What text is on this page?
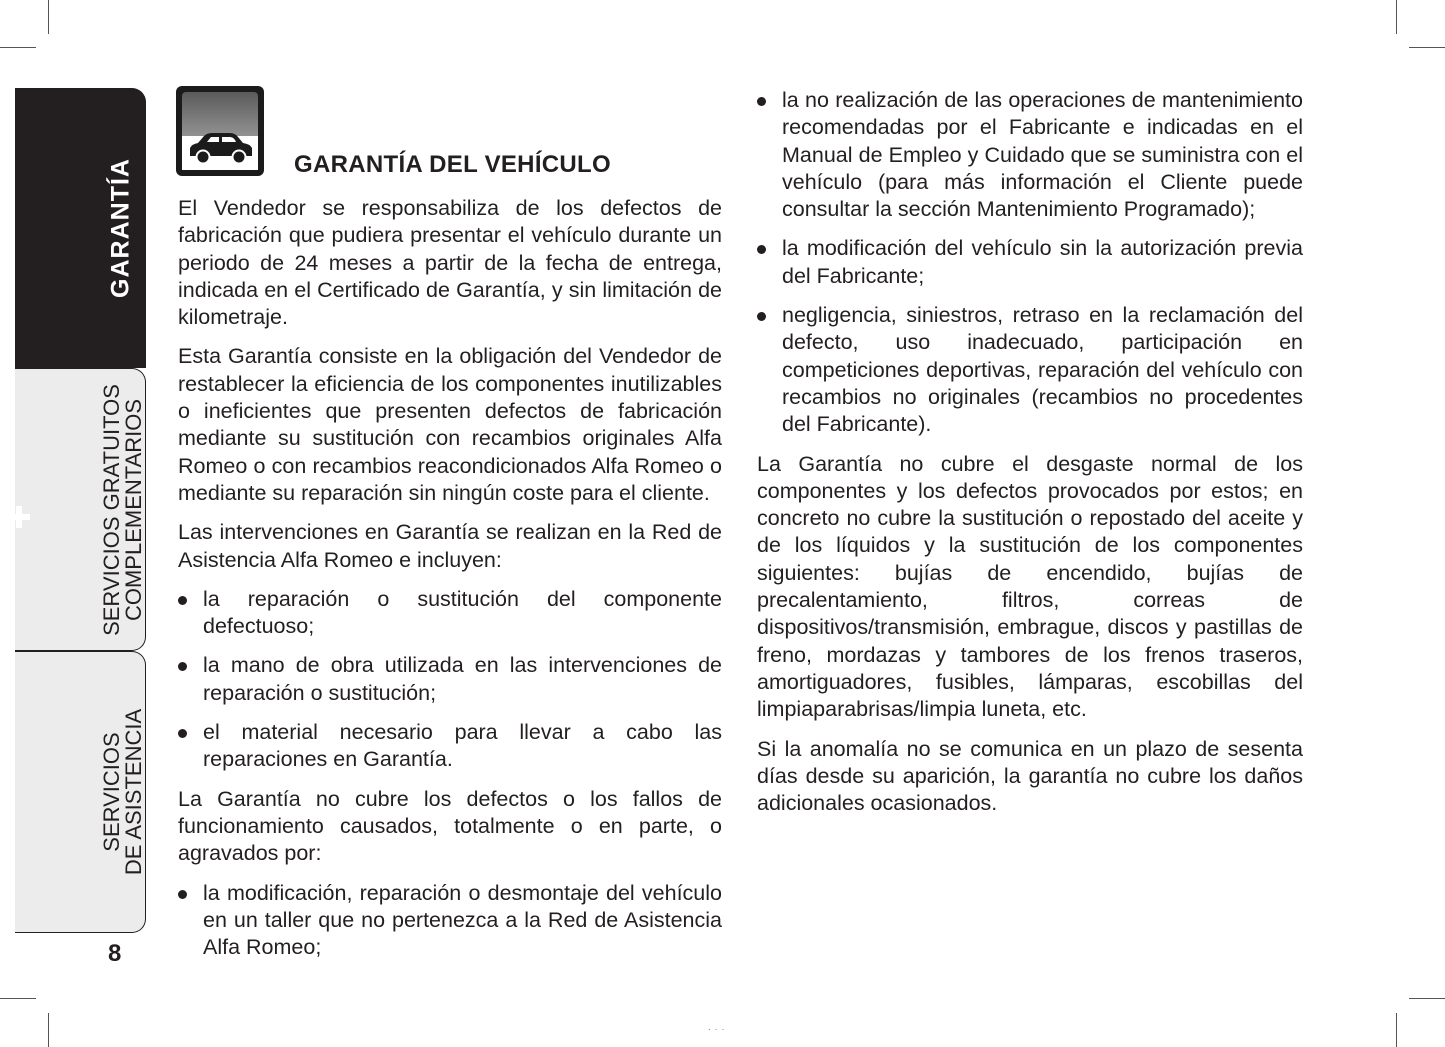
GARANTÍA
SERVICIOS GRATUITOS
COMPLEMENTARIOS
SERVICIOS
DE ASISTENCIA
8
GARANTÍA DEL VEHÍCULO

El Vendedor se responsabiliza de los defectos de fabricación que pudiera presentar el vehículo durante un periodo de 24 meses a partir de la fecha de entrega, indicada en el Certificado de Garantía, y sin limitación de kilometraje.

Esta Garantía consiste en la obligación del Vendedor de restablecer la eficiencia de los componentes inutilizables o ineficientes que presenten defectos de fabricación mediante su sustitución con recambios originales Alfa Romeo o con recambios reacondicionados Alfa Romeo o mediante su reparación sin ningún coste para el cliente.

Las intervenciones en Garantía se realizan en la Red de Asistencia Alfa Romeo e incluyen:

la reparación o sustitución del componente defectuoso;
la mano de obra utilizada en las intervenciones de reparación o sustitución;
el material necesario para llevar a cabo las reparaciones en Garantía.

La Garantía no cubre los defectos o los fallos de funcionamiento causados, totalmente o en parte, o agravados por:

la modificación, reparación o desmontaje del vehículo en un taller que no pertenezca a la Red de Asistencia Alfa Romeo;
la no realización de las operaciones de mantenimiento recomendadas por el Fabricante e indicadas en el Manual de Empleo y Cuidado que se suministra con el vehículo (para más información el Cliente puede consultar la sección Mantenimiento Programado);
la modificación del vehículo sin la autorización previa del Fabricante;
negligencia, siniestros, retraso en la reclamación del defecto, uso inadecuado, participación en competiciones deportivas, reparación del vehículo con recambios no originales (recambios no procedentes del Fabricante).

La Garantía no cubre el desgaste normal de los componentes y los defectos provocados por estos; en concreto no cubre la sustitución o repostado del aceite y de los líquidos y la sustitución de los componentes siguientes: bujías de encendido, bujías de precalentamiento, filtros, correas de dispositivos/transmisión, embrague, discos y pastillas de freno, mordazas y tambores de los frenos traseros, amortiguadores, fusibles, lámparas, escobillas del limpiaparabrisas/limpia luneta, etc.

Si la anomalía no se comunica en un plazo de sesenta días desde su aparición, la garantía no cubre los daños adicionales ocasionados.

...
